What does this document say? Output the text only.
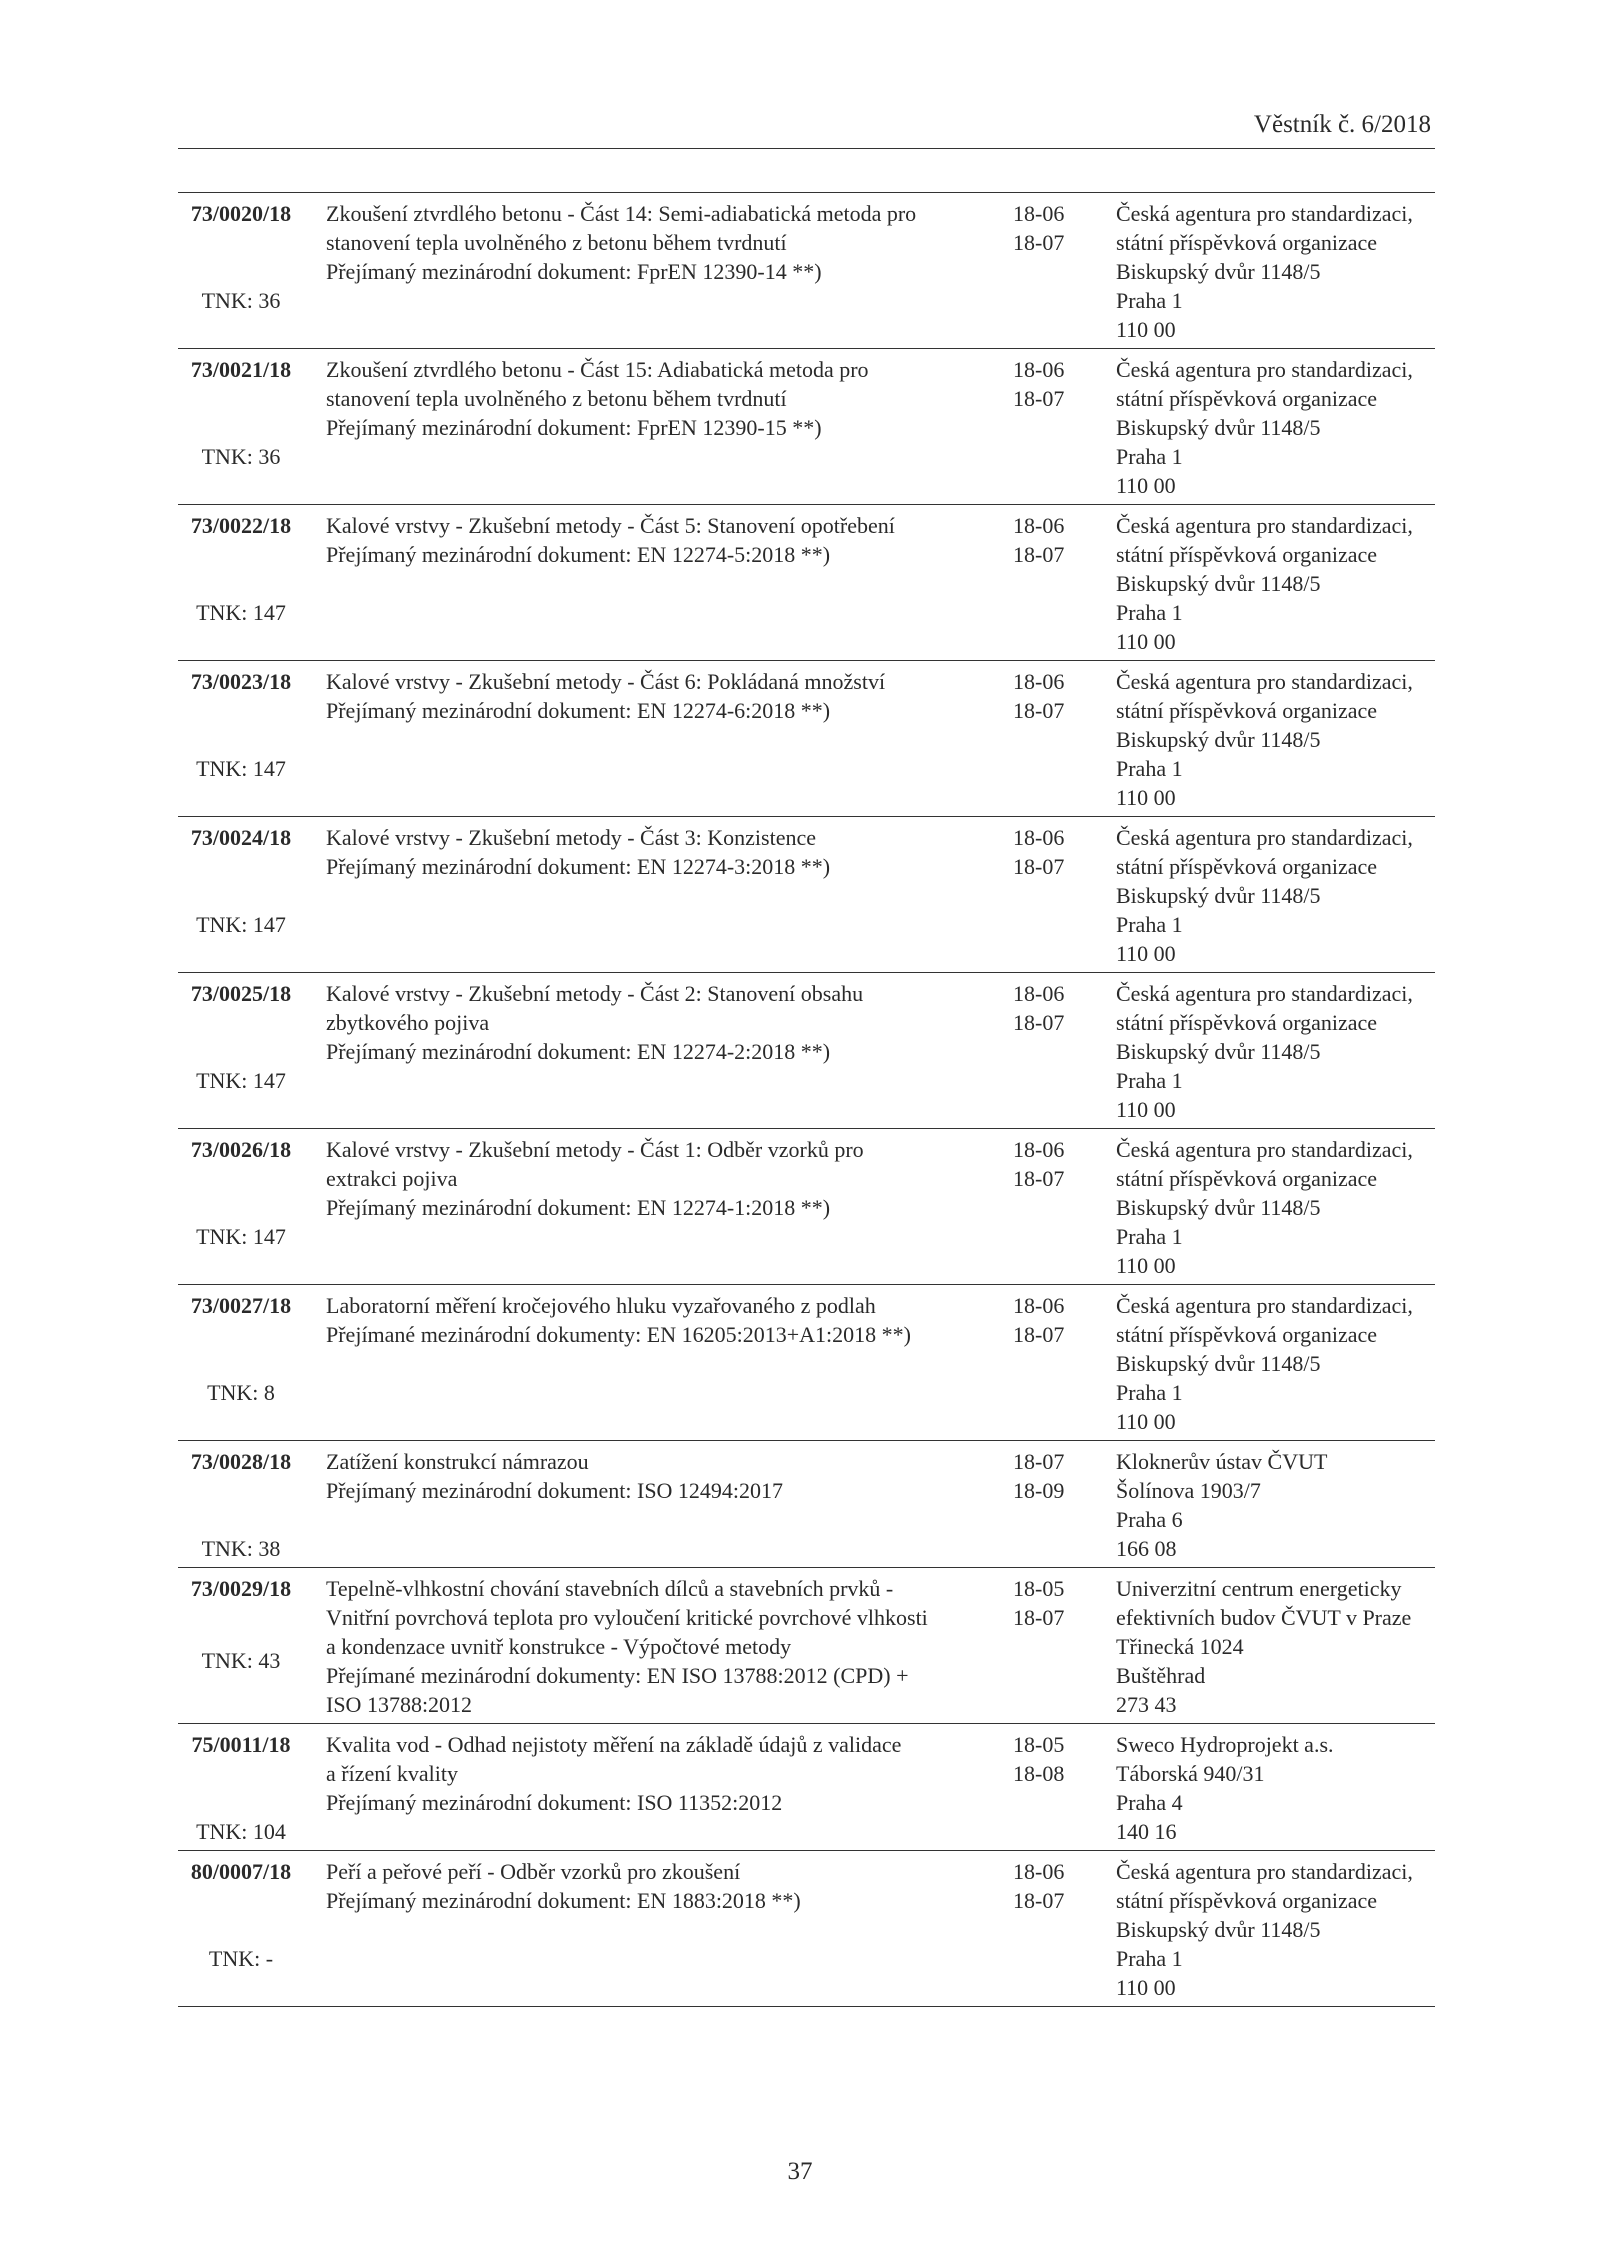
Věstník č. 6/2018
73/0020/18
TNK: 36
Zkoušení ztvrdlého betonu - Část 14: Semi-adiabatická metoda pro
stanovení tepla uvolněného z betonu během tvrdnutí
Přejímaný mezinárodní dokument: FprEN 12390-14 **)
18-06
18-07
Česká agentura pro standardizaci,
státní příspěvková organizace
Biskupský dvůr 1148/5
Praha 1
110 00
73/0021/18
TNK: 36
Zkoušení ztvrdlého betonu - Část 15: Adiabatická metoda pro
stanovení tepla uvolněného z betonu během tvrdnutí
Přejímaný mezinárodní dokument: FprEN 12390-15 **)
18-06
18-07
Česká agentura pro standardizaci,
státní příspěvková organizace
Biskupský dvůr 1148/5
Praha 1
110 00
73/0022/18
TNK: 147
Kalové vrstvy - Zkušební metody - Část 5: Stanovení opotřebení
Přejímaný mezinárodní dokument: EN 12274-5:2018 **)
18-06
18-07
Česká agentura pro standardizaci,
státní příspěvková organizace
Biskupský dvůr 1148/5
Praha 1
110 00
73/0023/18
TNK: 147
Kalové vrstvy - Zkušební metody - Část 6: Pokládaná množství
Přejímaný mezinárodní dokument: EN 12274-6:2018 **)
18-06
18-07
Česká agentura pro standardizaci,
státní příspěvková organizace
Biskupský dvůr 1148/5
Praha 1
110 00
73/0024/18
TNK: 147
Kalové vrstvy - Zkušební metody - Část 3: Konzistence
Přejímaný mezinárodní dokument: EN 12274-3:2018 **)
18-06
18-07
Česká agentura pro standardizaci,
státní příspěvková organizace
Biskupský dvůr 1148/5
Praha 1
110 00
73/0025/18
TNK: 147
Kalové vrstvy - Zkušební metody - Část 2: Stanovení obsahu
zbytkového pojiva
Přejímaný mezinárodní dokument: EN 12274-2:2018 **)
18-06
18-07
Česká agentura pro standardizaci,
státní příspěvková organizace
Biskupský dvůr 1148/5
Praha 1
110 00
73/0026/18
TNK: 147
Kalové vrstvy - Zkušební metody - Část 1: Odběr vzorků pro
extrakci pojiva
Přejímaný mezinárodní dokument: EN 12274-1:2018 **)
18-06
18-07
Česká agentura pro standardizaci,
státní příspěvková organizace
Biskupský dvůr 1148/5
Praha 1
110 00
73/0027/18
TNK: 8
Laboratorní měření kročejového hluku vyzařovaného z podlah
Přejímané mezinárodní dokumenty: EN 16205:2013+A1:2018 **)
18-06
18-07
Česká agentura pro standardizaci,
státní příspěvková organizace
Biskupský dvůr 1148/5
Praha 1
110 00
73/0028/18
TNK: 38
Zatížení konstrukcí námrazou
Přejímaný mezinárodní dokument: ISO 12494:2017
18-07
18-09
Kloknerův ústav ČVUT
Šolínova 1903/7
Praha 6
166 08
73/0029/18
TNK: 43
Tepelně-vlhkostní chování stavebních dílců a stavebních prvků -
Vnitřní povrchová teplota pro vyloučení kritické povrchové vlhkosti
a kondenzace uvnitř konstrukce - Výpočtové metody
Přejímané mezinárodní dokumenty: EN ISO 13788:2012 (CPD) +
ISO 13788:2012
18-05
18-07
Univerzitní centrum energeticky
efektivních budov ČVUT v Praze
Třinecká 1024
Buštěhrad
273 43
75/0011/18
TNK: 104
Kvalita vod - Odhad nejistoty měření na základě údajů z validace
a řízení kvality
Přejímaný mezinárodní dokument: ISO 11352:2012
18-05
18-08
Sweco Hydroprojekt a.s.
Táborská 940/31
Praha 4
140 16
80/0007/18
TNK: -
Peří a peřové peří - Odběr vzorků pro zkoušení
Přejímaný mezinárodní dokument: EN 1883:2018 **)
18-06
18-07
Česká agentura pro standardizaci,
státní příspěvková organizace
Biskupský dvůr 1148/5
Praha 1
110 00
37
